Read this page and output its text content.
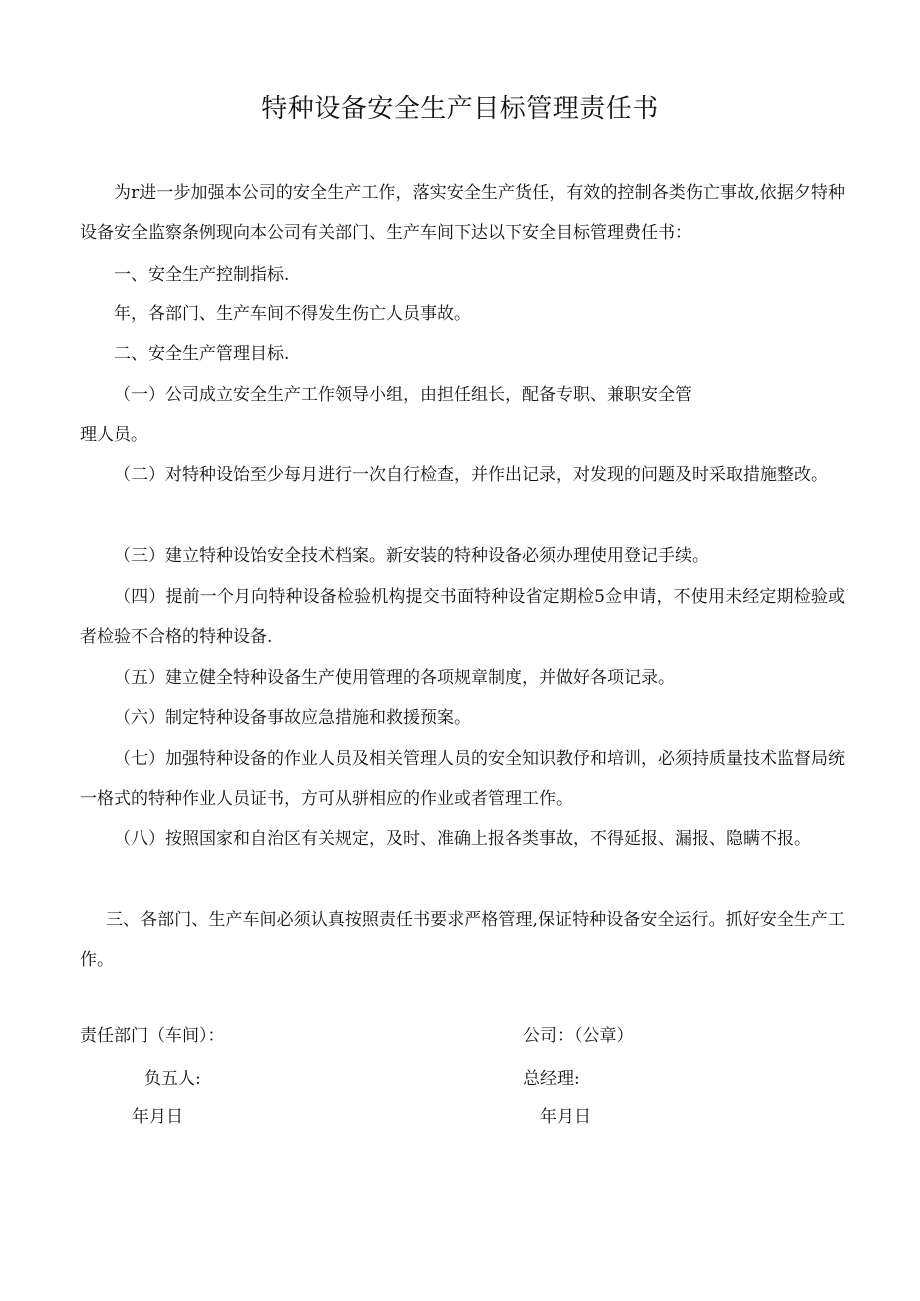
特种设备安全生产目标管理责任书
为r进一步加强本公司的安全生产工作，落实安全生产货任，有效的控制各类伤亡事故,依据夕特种设备安全监察条例现向本公司有关部门、生产车间下达以下安全目标管理费任书：
一、安全生产控制指标.
年，各部门、生产车间不得发生伤亡人员事故。
二、安全生产管理目标.
（一）公司成立安全生产工作领导小组，由担任组长，配备专职、兼职安全管
理人员。
（二）对特种设饴至少每月进行一次自行检查，并作出记录，对发现的问题及时采取措施整改。
（三）建立特种设饴安全技术档案。新安装的特种设备必须办理使用登记手续。
（四）提前一个月向特种设备检验机构提交书面特种设省定期检5佥申请，不使用未经定期检验或者检验不合格的特种设备.
（五）建立健全特种设备生产使用管理的各项规章制度，并做好各项记录。
（六）制定特种设备事故应急措施和救援预案。
（七）加强特种设备的作业人员及相关管理人员的安全知识教伃和培训，必须持质量技术监督局统一格式的特种作业人员证书，方可从骈相应的作业或者管理工作。
（八）按照国家和自治区有关规定，及时、准确上报各类事故，不得延报、漏报、隐瞒不报。
三、各部门、生产车间必须认真按照责任书要求严格管理,保证特种设备安全运行。抓好安全生产工作。
责任部门（车间）：
负五人:
年月日
公司：（公章）
总经理:
年月日
